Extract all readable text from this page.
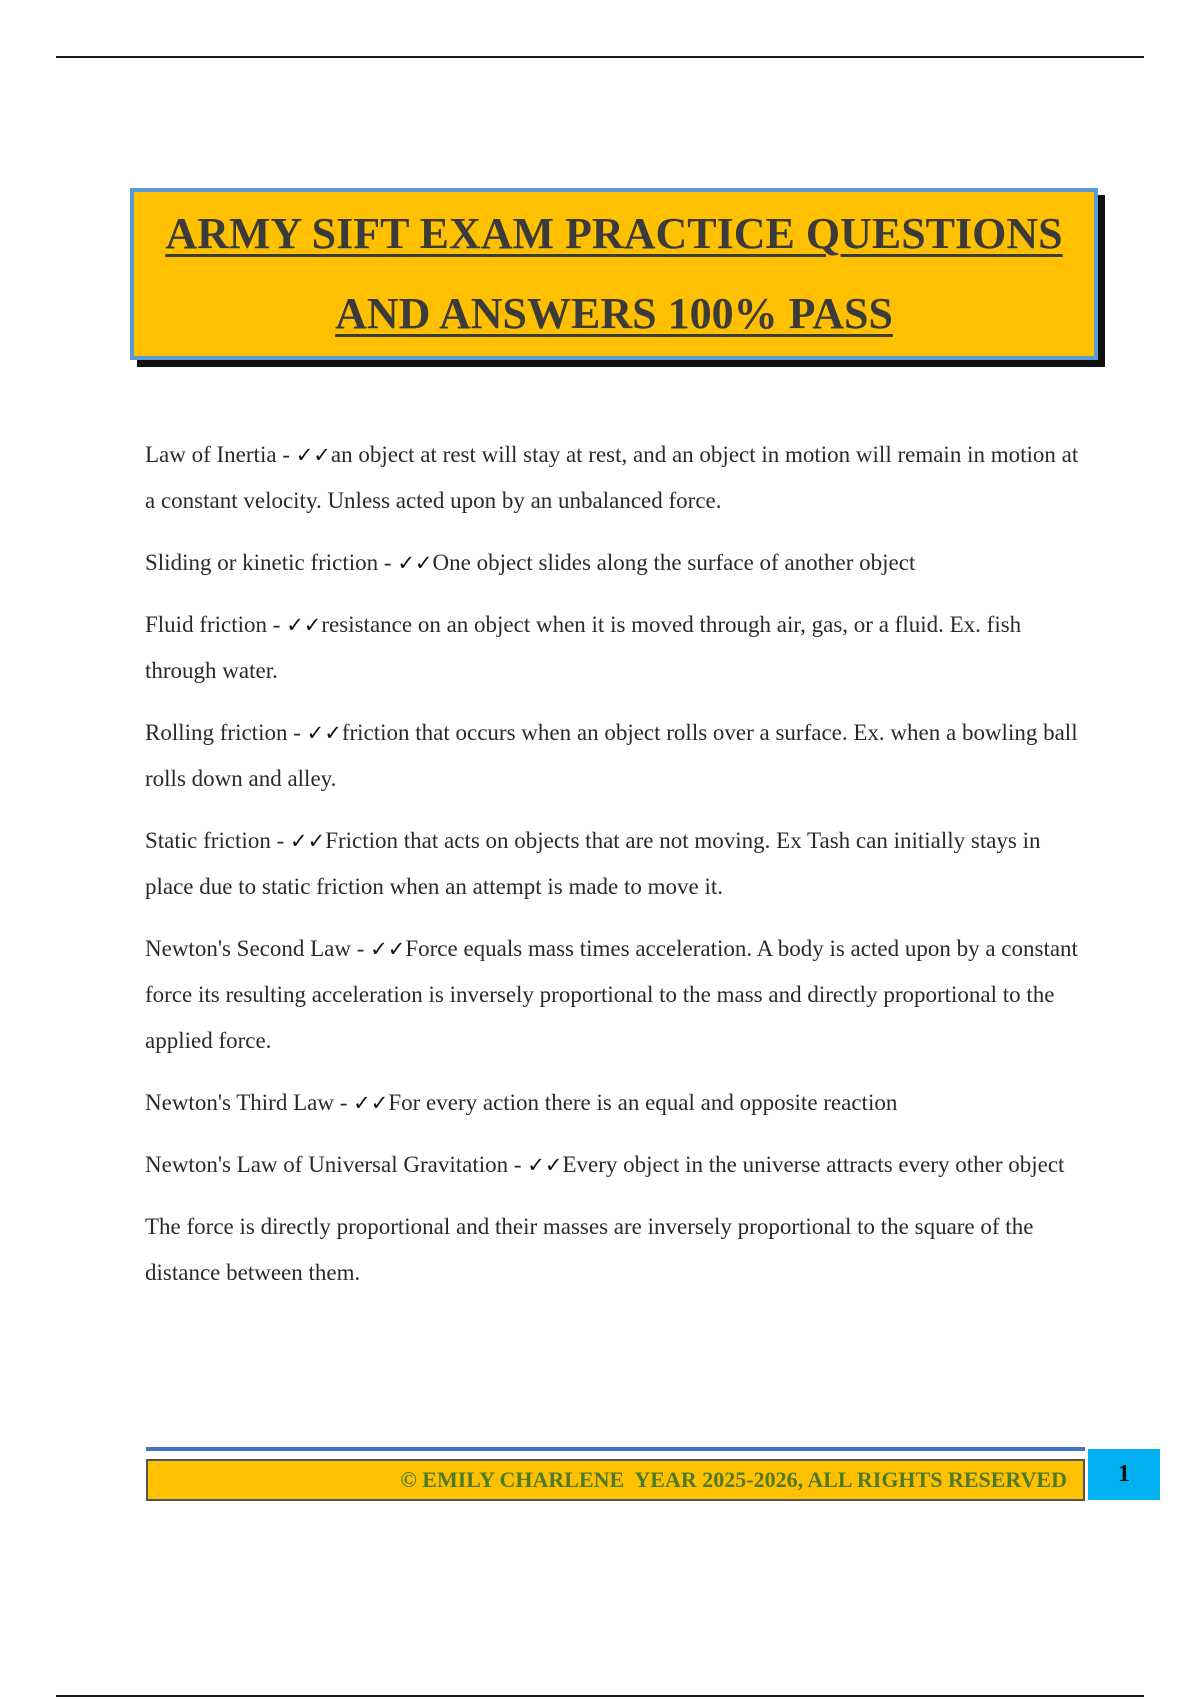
ARMY SIFT EXAM PRACTICE QUESTIONS
AND ANSWERS 100% PASS

Law of Inertia - ✓✓an object at rest will stay at rest, and an object in motion will remain in motion at a constant velocity. Unless acted upon by an unbalanced force.

Sliding or kinetic friction - ✓✓One object slides along the surface of another object

Fluid friction - ✓✓resistance on an object when it is moved through air, gas, or a fluid. Ex. fish through water.

Rolling friction - ✓✓friction that occurs when an object rolls over a surface. Ex. when a bowling ball rolls down and alley.

Static friction - ✓✓Friction that acts on objects that are not moving. Ex Tash can initially stays in place due to static friction when an attempt is made to move it.

Newton's Second Law - ✓✓Force equals mass times acceleration. A body is acted upon by a constant force its resulting acceleration is inversely proportional to the mass and directly proportional to the applied force.

Newton's Third Law - ✓✓For every action there is an equal and opposite reaction

Newton's Law of Universal Gravitation - ✓✓Every object in the universe attracts every other object

The force is directly proportional and their masses are inversely proportional to the square of the distance between them.

© EMILY CHARLENE  YEAR 2025-2026, ALL RIGHTS RESERVED 1
